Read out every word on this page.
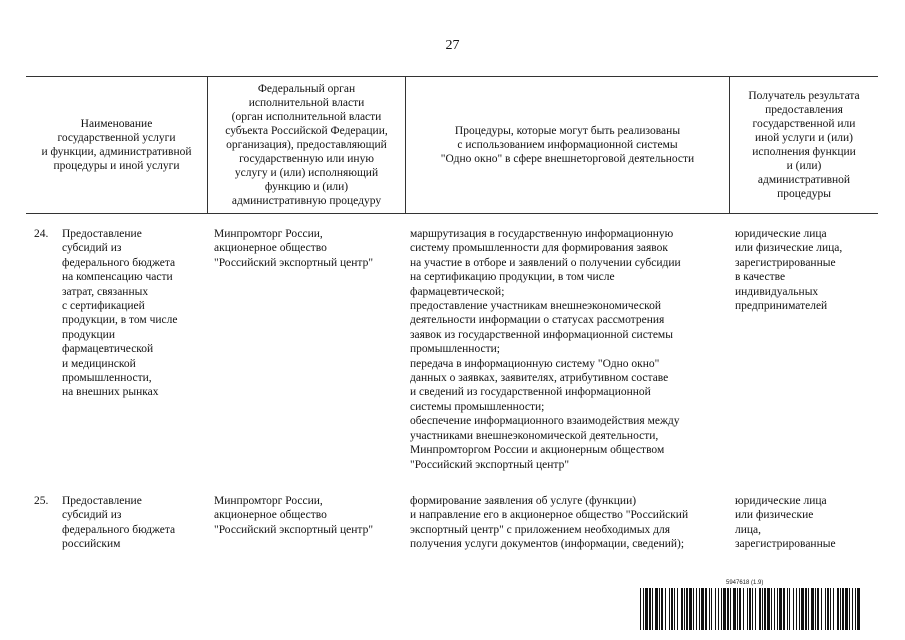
27
Наименование
государственной услуги
и функции, административной
процедуры и иной услуги
Федеральный орган
исполнительной власти
(орган исполнительной власти
субъекта Российской Федерации,
организация), предоставляющий
государственную или иную
услугу и (или) исполняющий
функцию и (или)
административную процедуру
Процедуры, которые могут быть реализованы
с использованием информационной системы
"Одно окно" в сфере внешнеторговой деятельности
Получатель результата
предоставления
государственной или
иной услуги и (или)
исполнения функции
и (или)
административной
процедуры
24. Предоставление
субсидий из
федерального бюджета
на компенсацию части
затрат, связанных
с сертификацией
продукции, в том числе
продукции
фармацевтической
и медицинской
промышленности,
на внешних рынках
Минпромторг России,
акционерное общество
"Российский экспортный центр"
маршрутизация в государственную информационную
систему промышленности для формирования заявок
на участие в отборе и заявлений о получении субсидии
на сертификацию продукции, в том числе
фармацевтической;
предоставление участникам внешнеэкономической
деятельности информации о статусах рассмотрения
заявок из государственной информационной системы
промышленности;
передача в информационную систему "Одно окно"
данных о заявках, заявителях, атрибутивном составе
и сведений из государственной информационной
системы промышленности;
обеспечение информационного взаимодействия между
участниками внешнеэкономической деятельности,
Минпромторгом России и акционерным обществом
"Российский экспортный центр"
юридические лица
или физические лица,
зарегистрированные
в качестве
индивидуальных
предпринимателей
25. Предоставление
субсидий из
федерального бюджета
российским
Минпромторг России,
акционерное общество
"Российский экспортный центр"
формирование заявления об услуге (функции)
и направление его в акционерное общество "Российский
экспортный центр" с приложением необходимых для
получения услуги документов (информации, сведений);
юридические лица
или физические
лица,
зарегистрированные
5947618 (1.9)
